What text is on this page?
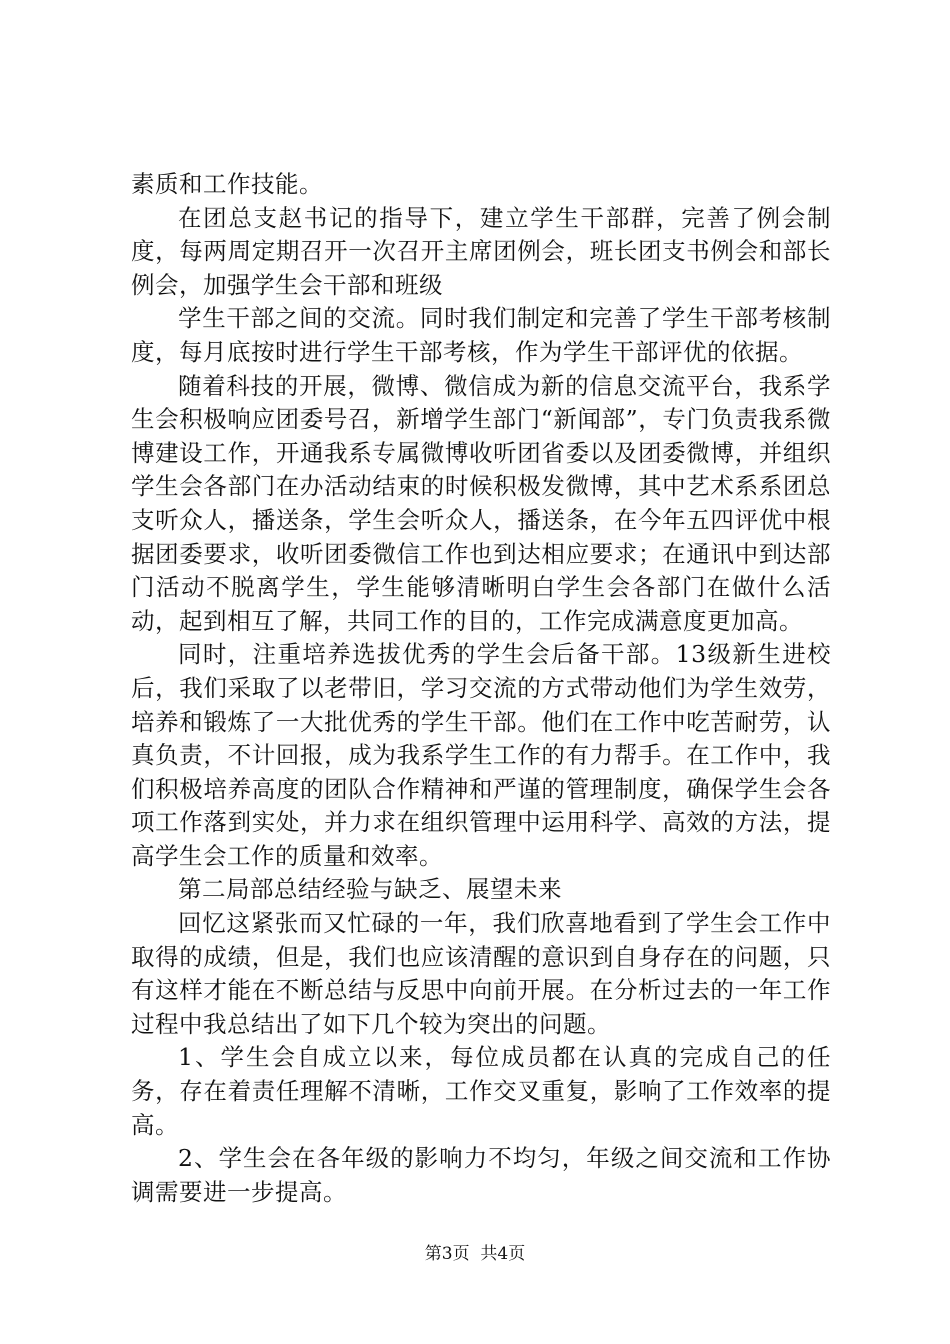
素质和工作技能。

在团总支赵书记的指导下，建立学生干部群，完善了例会制度，每两周定期召开一次召开主席团例会，班长团支书例会和部长例会，加强学生会干部和班级

学生干部之间的交流。同时我们制定和完善了学生干部考核制度，每月底按时进行学生干部考核，作为学生干部评优的依据。

随着科技的开展，微博、微信成为新的信息交流平台，我系学生会积极响应团委号召，新增学生部门“新闻部”，专门负责我系微博建设工作，开通我系专属微博收听团省委以及团委微博，并组织学生会各部门在办活动结束的时候积极发微博，其中艺术系系团总支听众人，播送条，学生会听众人，播送条，在今年五四评优中根据团委要求，收听团委微信工作也到达相应要求；在通讯中到达部门活动不脱离学生，学生能够清晰明白学生会各部门在做什么活动，起到相互了解，共同工作的目的，工作完成满意度更加高。

同时，注重培养选拔优秀的学生会后备干部。13级新生进校后，我们采取了以老带旧，学习交流的方式带动他们为学生效劳，培养和锻炼了一大批优秀的学生干部。他们在工作中吃苦耐劳，认真负责，不计回报，成为我系学生工作的有力帮手。在工作中，我们积极培养高度的团队合作精神和严谨的管理制度，确保学生会各项工作落到实处，并力求在组织管理中运用科学、高效的方法，提高学生会工作的质量和效率。

第二局部总结经验与缺乏、展望未来

回忆这紧张而又忙碌的一年，我们欣喜地看到了学生会工作中取得的成绩，但是，我们也应该清醒的意识到自身存在的问题，只有这样才能在不断总结与反思中向前开展。在分析过去的一年工作过程中我总结出了如下几个较为突出的问题。

1、学生会自成立以来，每位成员都在认真的完成自己的任务，存在着责任理解不清晰，工作交叉重复，影响了工作效率的提高。

2、学生会在各年级的影响力不均匀，年级之间交流和工作协调需要进一步提高。

第3页  共4页
